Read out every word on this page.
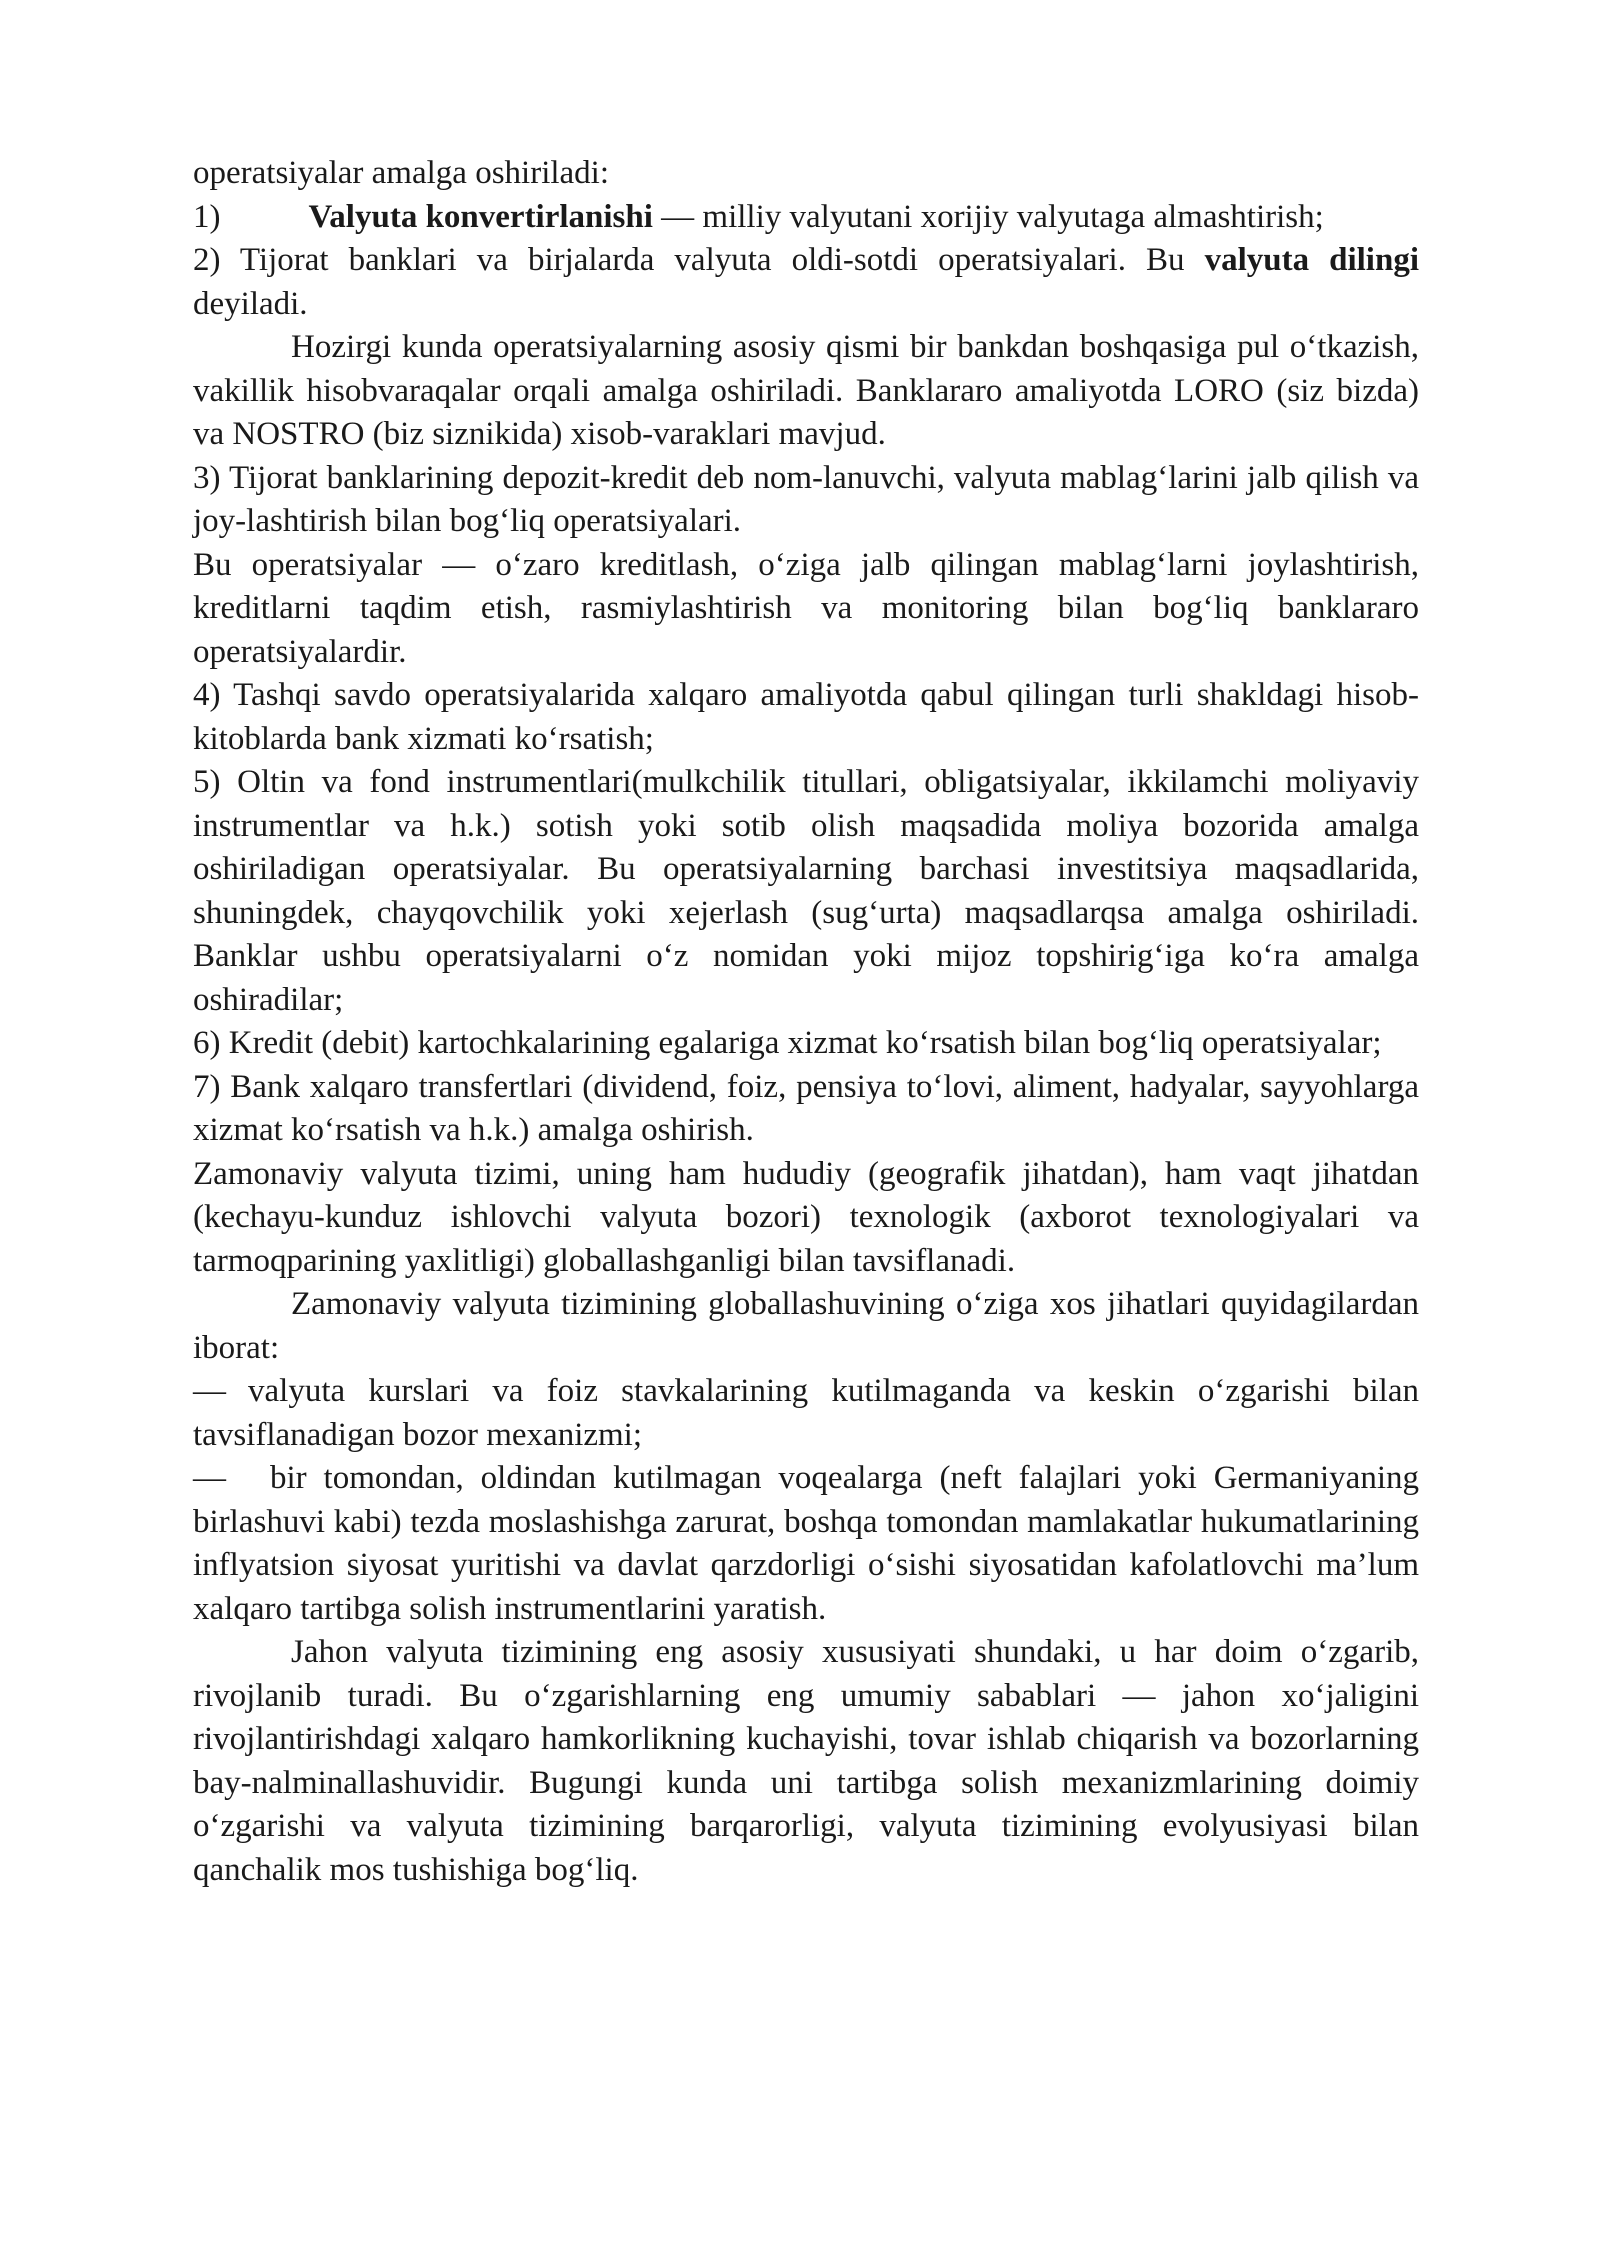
operatsiyalar amalga oshiriladi:

1)	Valyuta konvertirlanishi — milliy valyutani xorijiy valyutaga almashtirish;

2) Tijorat banklari va birjalarda valyuta oldi-sotdi operatsiyalari. Bu valyuta dilingi deyiladi.

Hozirgi kunda operatsiyalarning asosiy qismi bir bankdan boshqasiga pul o‘tkazish, vakillik hisobvaraqalar orqali amalga oshiriladi. Banklararo amaliyotda LORO (siz bizda) va NOSTRO (biz siznikida) xisob-varaklari mavjud.

3) Tijorat banklarining depozit-kredit deb nom-lanuvchi, valyuta mablag‘larini jalb qilish va joy-lashtirish bilan bog‘liq operatsiyalari.

Bu operatsiyalar — o‘zaro kreditlash, o‘ziga jalb qilingan mablag‘larni joylashtirish, kreditlarni taqdim etish, rasmiylashtirish va monitoring bilan bog‘liq banklararo operatsiyalardir.

4) Tashqi savdo operatsiyalarida xalqaro amaliyotda qabul qilingan turli shakldagi hisob-kitoblarda bank xizmati ko‘rsatish;

5) Oltin va fond instrumentlari(mulkchilik titullari, obligatsiyalar, ikkilamchi moliyaviy instrumentlar va h.k.) sotish yoki sotib olish maqsadida moliya bozorida amalga oshiriladigan operatsiyalar. Bu operatsiyalarning barchasi investitsiya maqsadlarida, shuningdek, chayqovchilik yoki xejerlash (sug‘urta) maqsadlarqsa amalga oshiriladi. Banklar ushbu operatsiyalarni o‘z nomidan yoki mijoz topshirig‘iga ko‘ra amalga oshiradilar;

6) Kredit (debit) kartochkalarining egalariga xizmat ko‘rsatish bilan bog‘liq operatsiyalar;

7) Bank xalqaro transfertlari (dividend, foiz, pensiya to‘lovi, aliment, hadyalar, sayyohlarga xizmat ko‘rsatish va h.k.) amalga oshirish.

Zamonaviy valyuta tizimi, uning ham hududiy (geografik jihatdan), ham vaqt jihatdan (kechayu-kunduz ishlovchi valyuta bozori) texnologik (axborot texnologiyalari va tarmoqparining yaxlitligi) globallashganligi bilan tavsiflanadi.

Zamonaviy valyuta tizimining globallashuvining o‘ziga xos jihatlari quyidagilardan iborat:

— valyuta kurslari va foiz stavkalarining kutilmaganda va keskin o‘zgarishi bilan tavsiflanadigan bozor mexanizmi;

— bir tomondan, oldindan kutilmagan voqealarga (neft falajlari yoki Germaniyaning birlashuvi kabi) tezda moslashishga zarurat, boshqa tomondan mamlakatlar hukumatlarining inflyatsion siyosat yuritishi va davlat qarzdorligi o‘sishi siyosatidan kafolatlovchi ma’lum xalqaro tartibga solish instrumentlarini yaratish.

Jahon valyuta tizimining eng asosiy xususiyati shundaki, u har doim o‘zgarib, rivojlanib turadi. Bu o‘zgarishlarning eng umumiy sabablari — jahon xo‘jaligini rivojlantirishdagi xalqaro hamkorlikning kuchayishi, tovar ishlab chiqarish va bozorlarning bay-nalminallashuvidir. Bugungi kunda uni tartibga solish mexanizmlarining doimiy o‘zgarishi va valyuta tizimining barqarorligi, valyuta tizimining evolyusiyasi bilan qanchalik mos tushishiga bog‘liq.
